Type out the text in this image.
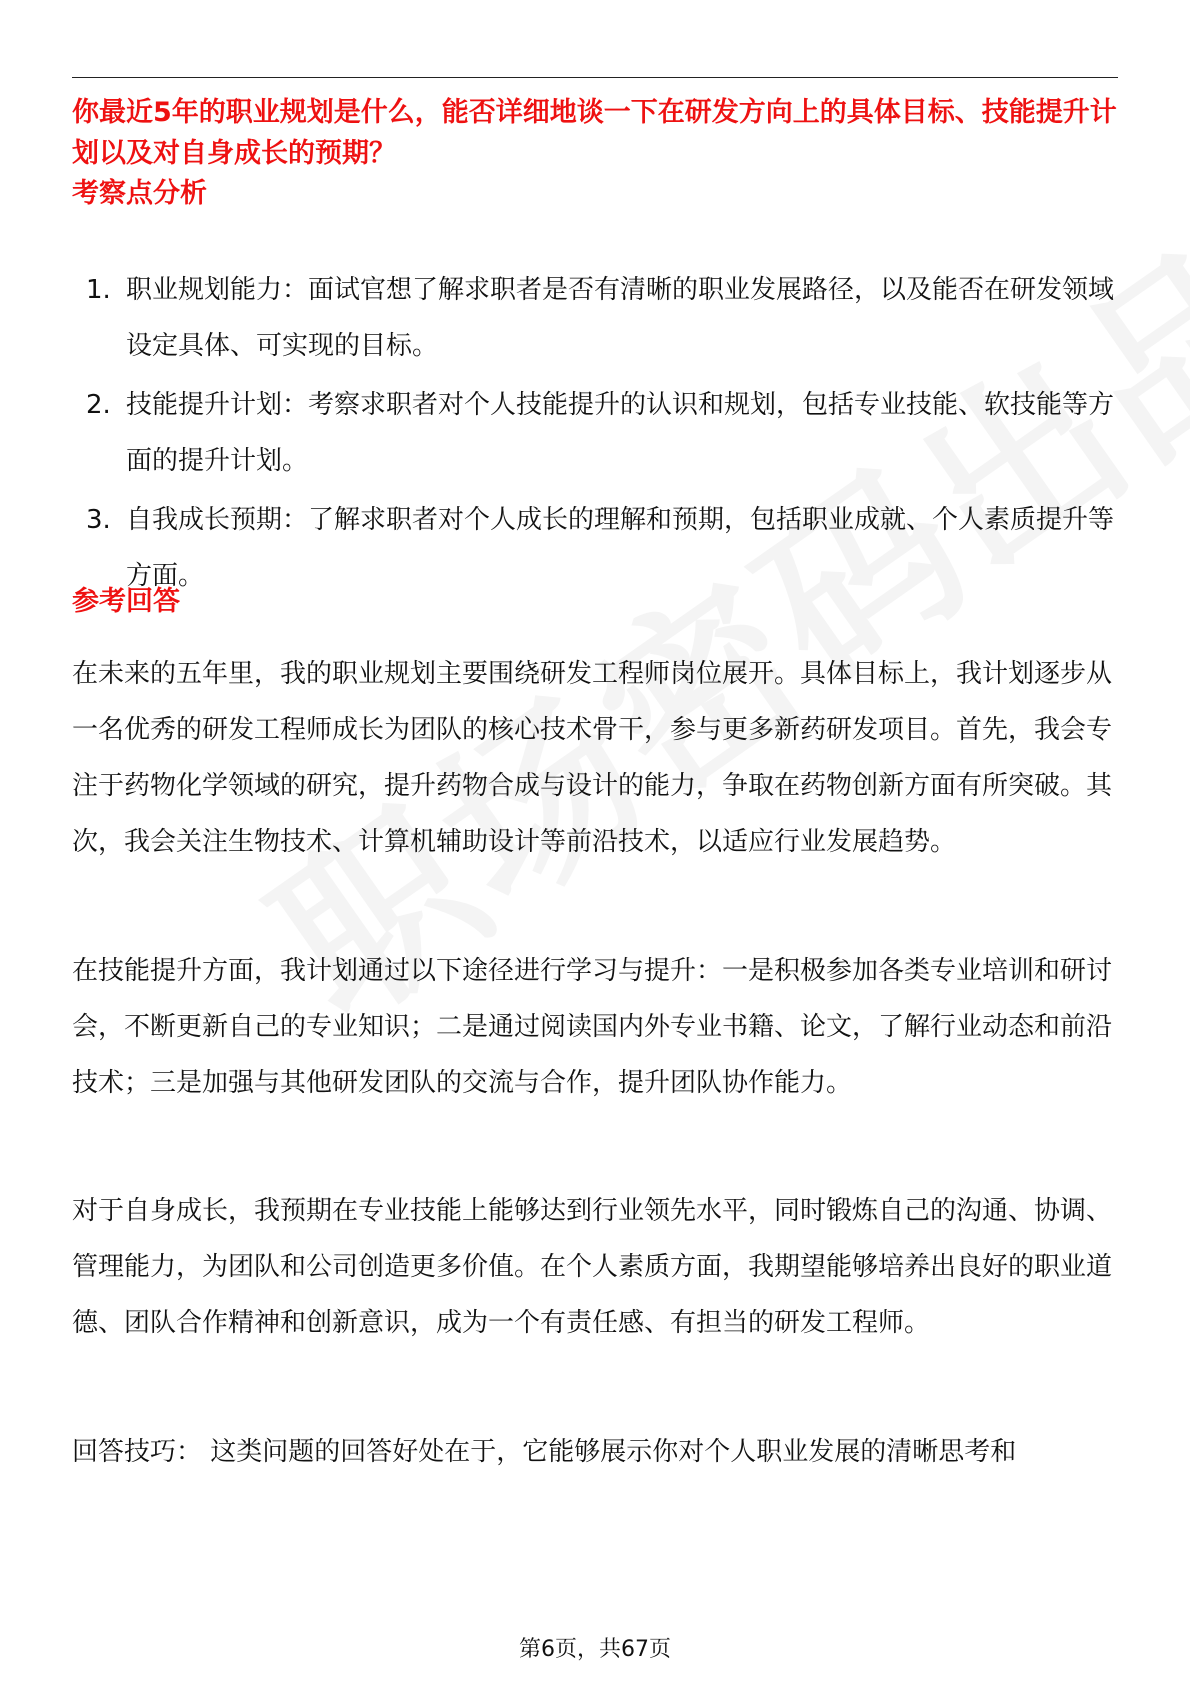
你最近5年的职业规划是什么，能否详细地谈一下在研发方向上的具体目标、技能提升计划以及对自身成长的预期？

考察点分析
1. 职业规划能力：面试官想了解求职者是否有清晰的职业发展路径，以及能否在研发领域设定具体、可实现的目标。
2. 技能提升计划：考察求职者对个人技能提升的认识和规划，包括专业技能、软技能等方面的提升计划。
3. 自我成长预期：了解求职者对个人成长的理解和预期，包括职业成就、个人素质提升等方面。
参考回答

在未来的五年里，我的职业规划主要围绕研发工程师岗位展开。具体目标上，我计划逐步从一名优秀的研发工程师成长为团队的核心技术骨干，参与更多新药研发项目。首先，我会专注于药物化学领域的研究，提升药物合成与设计的能力，争取在药物创新方面有所突破。其次，我会关注生物技术、计算机辅助设计等前沿技术，以适应行业发展趋势。

在技能提升方面，我计划通过以下途径进行学习与提升：一是积极参加各类专业培训和研讨会，不断更新自己的专业知识；二是通过阅读国内外专业书籍、论文，了解行业动态和前沿技术；三是加强与其他研发团队的交流与合作，提升团队协作能力。

对于自身成长，我预期在专业技能上能够达到行业领先水平，同时锻炼自己的沟通、协调、管理能力，为团队和公司创造更多价值。在个人素质方面，我期望能够培养出良好的职业道德、团队合作精神和创新意识，成为一个有责任感、有担当的研发工程师。

回答技巧： 这类问题的回答好处在于，它能够展示你对个人职业发展的清晰思考和

第6页，共67页
